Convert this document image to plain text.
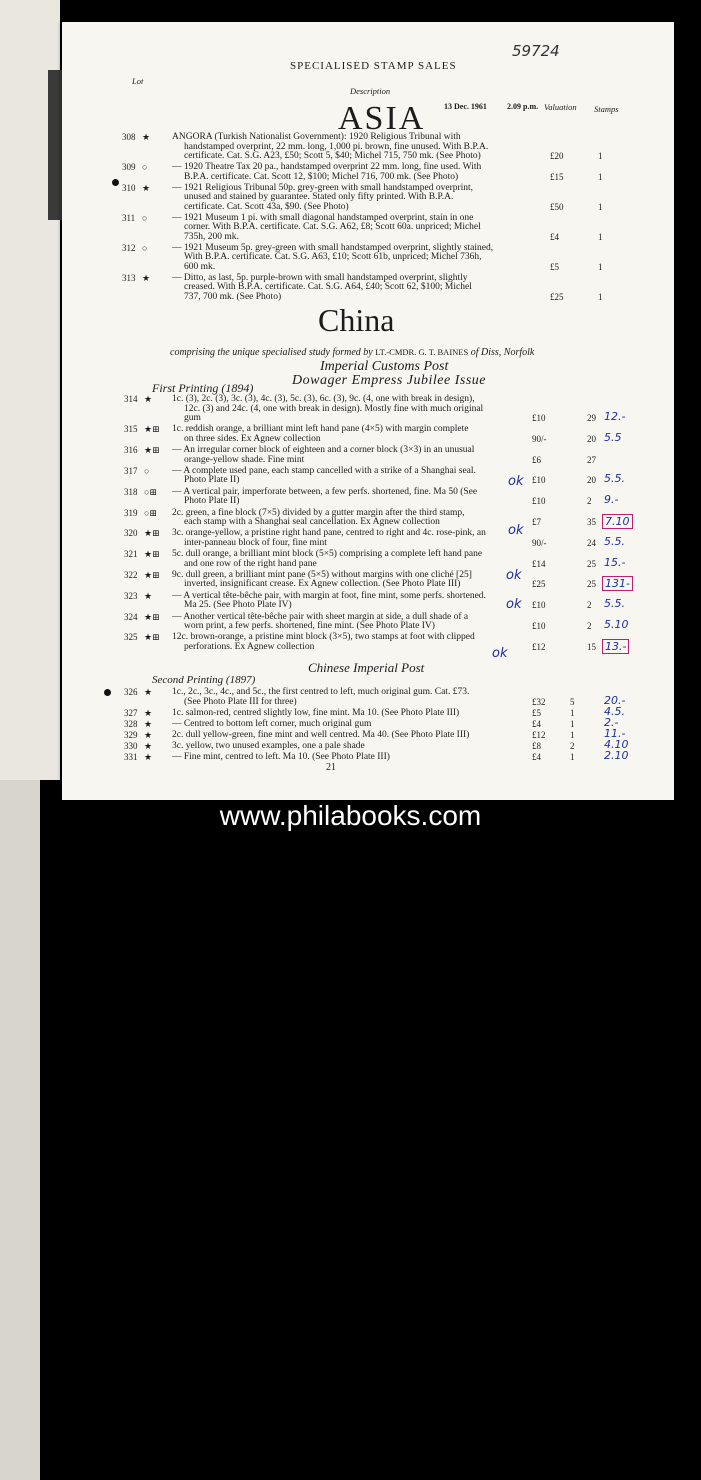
SPECIALISED STAMP SALES
59724
Lot
Description
Valuation Stamps
13 Dec. 1961	2.09 p.m.
ASIA
308 ★ ANGORA (Turkish Nationalist Government): 1920 Religious Tribunal with
handstamped overprint, 22 mm. long, 1,000 pi. brown, fine unused. With B.P.A.
certificate. Cat. S.G. A23, £50; Scott 5, $40; Michel 715, 750 mk. (See Photo)	£20	1
309 ○	— 1920 Theatre Tax 20 pa., handstamped overprint 22 mm. long, fine used. With
B.P.A. certificate. Cat. Scott 12, $100; Michel 716, 700 mk. (See Photo)	£15	1
310 ★ — 1921 Religious Tribunal 50p. grey-green with small handstamped overprint,
unused and stained by guarantee. Stated only fifty printed. With B.P.A.
certificate. Cat. Scott 43a, $90. (See Photo)	£50	1
311 ○	— 1921 Museum 1 pi. with small diagonal handstamped overprint, stain in one
corner. With B.P.A. certificate. Cat. S.G. A62, £8; Scott 60a. unpriced; Michel
735h, 200 mk.	£4	1
312 ○	— 1921 Museum 5p. grey-green with small handstamped overprint, slightly stained,
With B.P.A. certificate. Cat. S.G. A63, £10; Scott 61b, unpriced; Michel 736h,
600 mk.	£5	1
313 ★ — Ditto, as last, 5p. purple-brown with small handstamped overprint, slightly
creased. With B.P.A. certificate. Cat. S.G. A64, £40; Scott 62, $100; Michel
737, 700 mk. (See Photo)	£25	1
China
comprising the unique specialised study formed by LT.-CMDR. G. T. BAINES of Diss, Norfolk
Imperial Customs Post
Dowager Empress Jubilee Issue
First Printing (1894)
314 ★ 1c. (3), 2c. (3), 3c. (3), 4c. (3), 5c. (3), 6c. (3), 9c. (4, one with break in design),
12c. (3) and 24c. (4, one with break in design). Mostly fine with much original
gum	£10	29 12.-
315 ★⊞ 1c. reddish orange, a brilliant mint left hand pane (4×5) with margin complete
on three sides. Ex Agnew collection	90/-	20 5.5
316 ★⊞ — An irregular corner block of eighteen and a corner block (3×3) in an unusual
orange-yellow shade. Fine mint	£6	27
317 ○ — A complete used pane, each stamp cancelled with a strike of a Shanghai seal.
Photo Plate II)	£10	20 5.5.
318 ○⊞ — A vertical pair, imperforate between, a few perfs. shortened, fine. Ma 50 (See
Photo Plate II)	£10	2 9.-
319 ○⊞ 2c. green, a fine block (7×5) divided by a gutter margin after the third stamp,
each stamp with a Shanghai seal cancellation. Ex Agnew collection	£7	35 7.10
320 ★⊞ 3c. orange-yellow, a pristine right hand pane, centred to right and 4c. rose-pink, an
inter-panneau block of four, fine mint	90/-	24 5.5.
321 ★⊞ 5c. dull orange, a brilliant mint block (5×5) comprising a complete left hand pane
and one row of the right hand pane	£14	25 15.-
322 ★⊞ 9c. dull green, a brilliant mint pane (5×5) without margins with one cliché [25]
inverted, insignificant crease. Ex Agnew collection. (See Photo Plate III)	£25	25 131-
323 ★ — A vertical tête-bêche pair, with margin at foot, fine mint, some perfs. shortened.
Ma 25. (See Photo Plate IV)	£10	2 5.5.
324 ★⊞ — Another vertical tête-bêche pair with sheet margin at side, a dull shade of a
worn print, a few perfs. shortened, fine mint. (See Photo Plate IV)	£10	2 5.10
325 ★⊞ 12c. brown-orange, a pristine mint block (3×5), two stamps at foot with clipped
perforations. Ex Agnew collection	£12	15 13.-
Chinese Imperial Post
Second Printing (1897)
326 ★ 1c., 2c., 3c., 4c., and 5c., the first centred to left, much original gum. Cat. £73.
(See Photo Plate III for three)	£32	5	20.-
327 ★ 1c. salmon-red, centred slightly low, fine mint. Ma 10. (See Photo Plate III)	£5	1	4.5.
328 ★ — Centred to bottom left corner, much original gum	£4	1	2.-
329 ★ 2c. dull yellow-green, fine mint and well centred. Ma 40. (See Photo Plate III)	£12	1	11.-
330 ★ 3c. yellow, two unused examples, one a pale shade	£8	2	4.10
331 ★ — Fine mint, centred to left. Ma 10. (See Photo Plate III)	£4	1	2.10
21
ok
ok
ok
ok
ok
www.philabooks.com
